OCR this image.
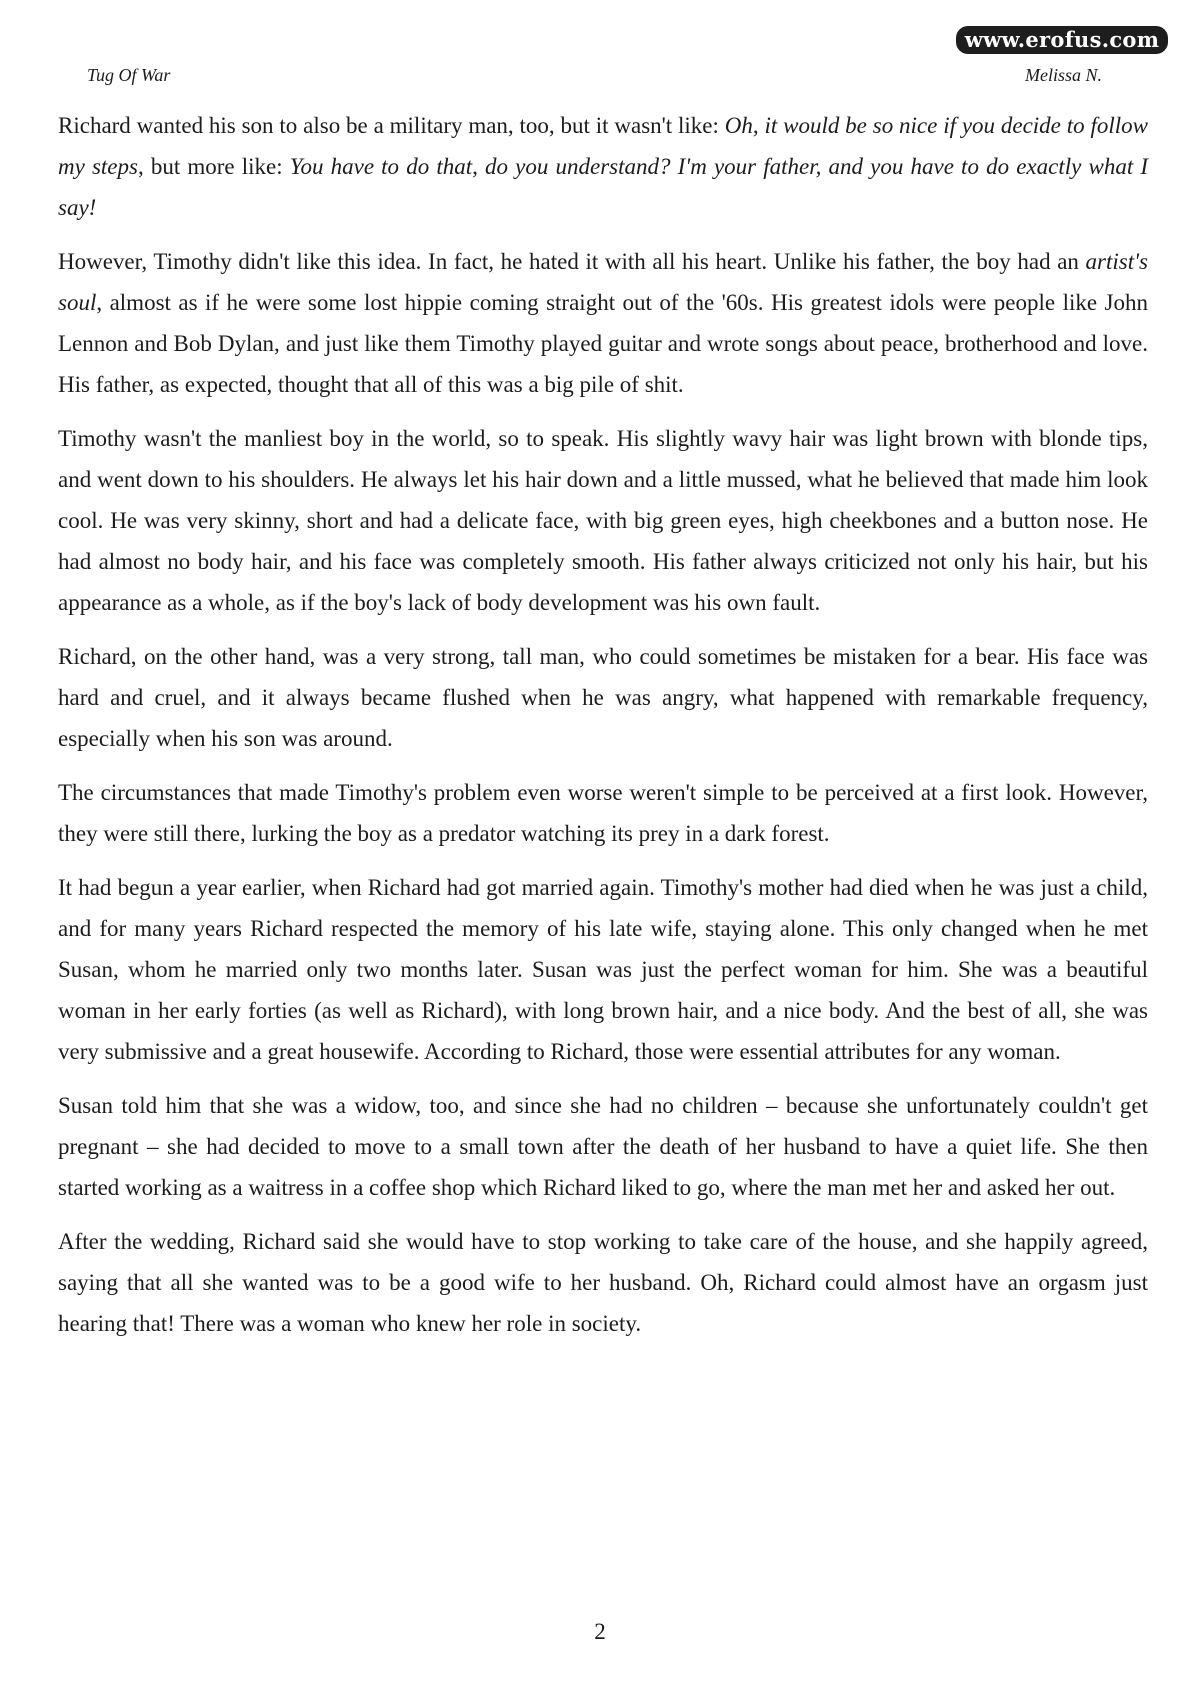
www.erofus.com
Tug Of War	Melissa N.

Richard wanted his son to also be a military man, too, but it wasn't like: Oh, it would be so nice if you decide to follow my steps, but more like: You have to do that, do you understand? I'm your father, and you have to do exactly what I say!

However, Timothy didn't like this idea. In fact, he hated it with all his heart. Unlike his father, the boy had an artist's soul, almost as if he were some lost hippie coming straight out of the '60s. His greatest idols were people like John Lennon and Bob Dylan, and just like them Timothy played guitar and wrote songs about peace, brotherhood and love. His father, as expected, thought that all of this was a big pile of shit.

Timothy wasn't the manliest boy in the world, so to speak. His slightly wavy hair was light brown with blonde tips, and went down to his shoulders. He always let his hair down and a little mussed, what he believed that made him look cool. He was very skinny, short and had a delicate face, with big green eyes, high cheekbones and a button nose. He had almost no body hair, and his face was completely smooth. His father always criticized not only his hair, but his appearance as a whole, as if the boy's lack of body development was his own fault.

Richard, on the other hand, was a very strong, tall man, who could sometimes be mistaken for a bear. His face was hard and cruel, and it always became flushed when he was angry, what happened with remarkable frequency, especially when his son was around.

The circumstances that made Timothy's problem even worse weren't simple to be perceived at a first look. However, they were still there, lurking the boy as a predator watching its prey in a dark forest.

It had begun a year earlier, when Richard had got married again. Timothy's mother had died when he was just a child, and for many years Richard respected the memory of his late wife, staying alone. This only changed when he met Susan, whom he married only two months later. Susan was just the perfect woman for him. She was a beautiful woman in her early forties (as well as Richard), with long brown hair, and a nice body. And the best of all, she was very submissive and a great housewife. According to Richard, those were essential attributes for any woman.

Susan told him that she was a widow, too, and since she had no children – because she unfortunately couldn't get pregnant – she had decided to move to a small town after the death of her husband to have a quiet life. She then started working as a waitress in a coffee shop which Richard liked to go, where the man met her and asked her out.

After the wedding, Richard said she would have to stop working to take care of the house, and she happily agreed, saying that all she wanted was to be a good wife to her husband. Oh, Richard could almost have an orgasm just hearing that! There was a woman who knew her role in society.

2
